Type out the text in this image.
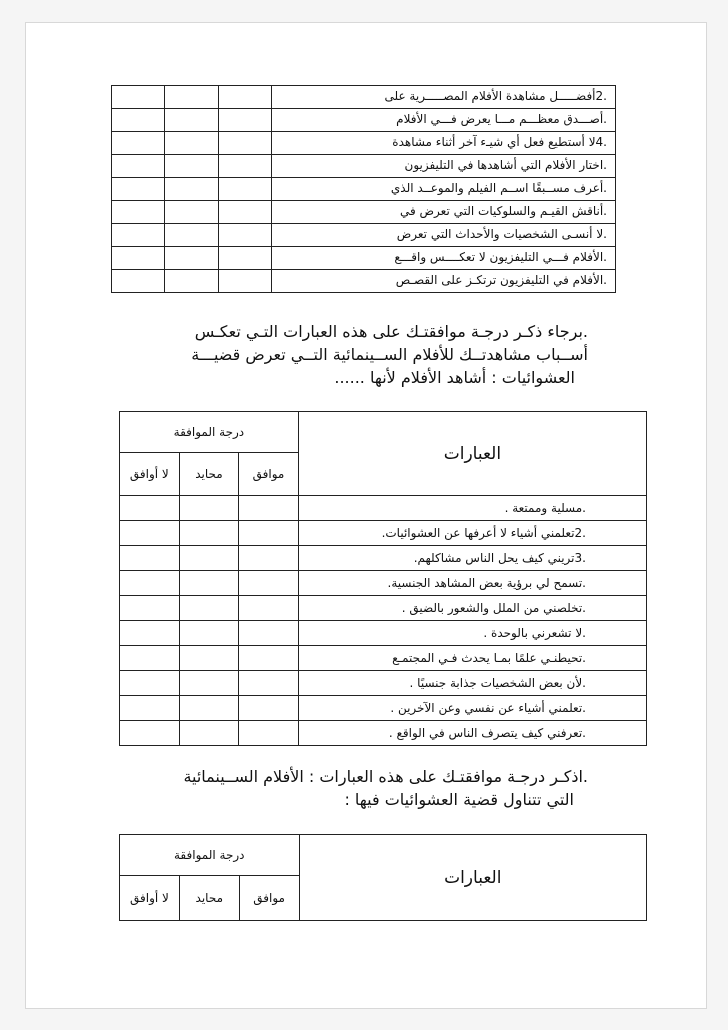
.2أفضـــــل مشاهدة الأفلام المصـــــرية على			
.أصـــدق معظـــم مـــا يعرض فـــي الأفلام			
.4لا أستطيع فعل أي شيـء آخر أثناء مشاهدة			
.اختار الأفلام التي أشاهدها في التليفزيون			
.أعرف مســبقًا اســم الفيلم والموعــد الذي			
.أناقش القيـم والسلوكيات التي تعرض في			
.لا أنسـى الشخصيات والأحداث التي تعرض			
.الأفلام فـــي التليفزيون لا تعكــــس واقـــع			
.الأفلام في التليفزيون ترتكـز على القصـص			
.برجاء ذكـر درجـة موافقتـك على هذه العبارات التـي تعكـس
أســباب مشاهدتــك للأفلام الســينمائية التــي تعرض قضيـــة
العشوائيات : أشاهد الأفلام لأنها ......
العبارات	درجة الموافقة		
	موافق	محايد	لا أوافق
.مسلية وممتعة .			
.2تعلمني أشياء لا أعرفها عن العشوائيات.			
.3تريني كيف يحل الناس مشاكلهم.			
.تسمح لي برؤية بعض المشاهد الجنسية.			
.تخلصني من الملل والشعور بالضيق .			
.لا تشعرني بالوحدة .			
.تحيطنـي علمًا بمـا يحدث فـي المجتمـع			
.لأن بعض الشخصيات جذابة جنسيًا .			
.تعلمني أشياء عن نفسي وعن الآخرين .			
.تعرفني كيف يتصرف الناس في الواقع .			
.اذكـر درجـة موافقتـك على هذه العبارات : الأفلام الســينمائية
التي تتناول قضية العشوائيات فيها :
العبارات	درجة الموافقة		
	موافق	محايد	لا أوافق
